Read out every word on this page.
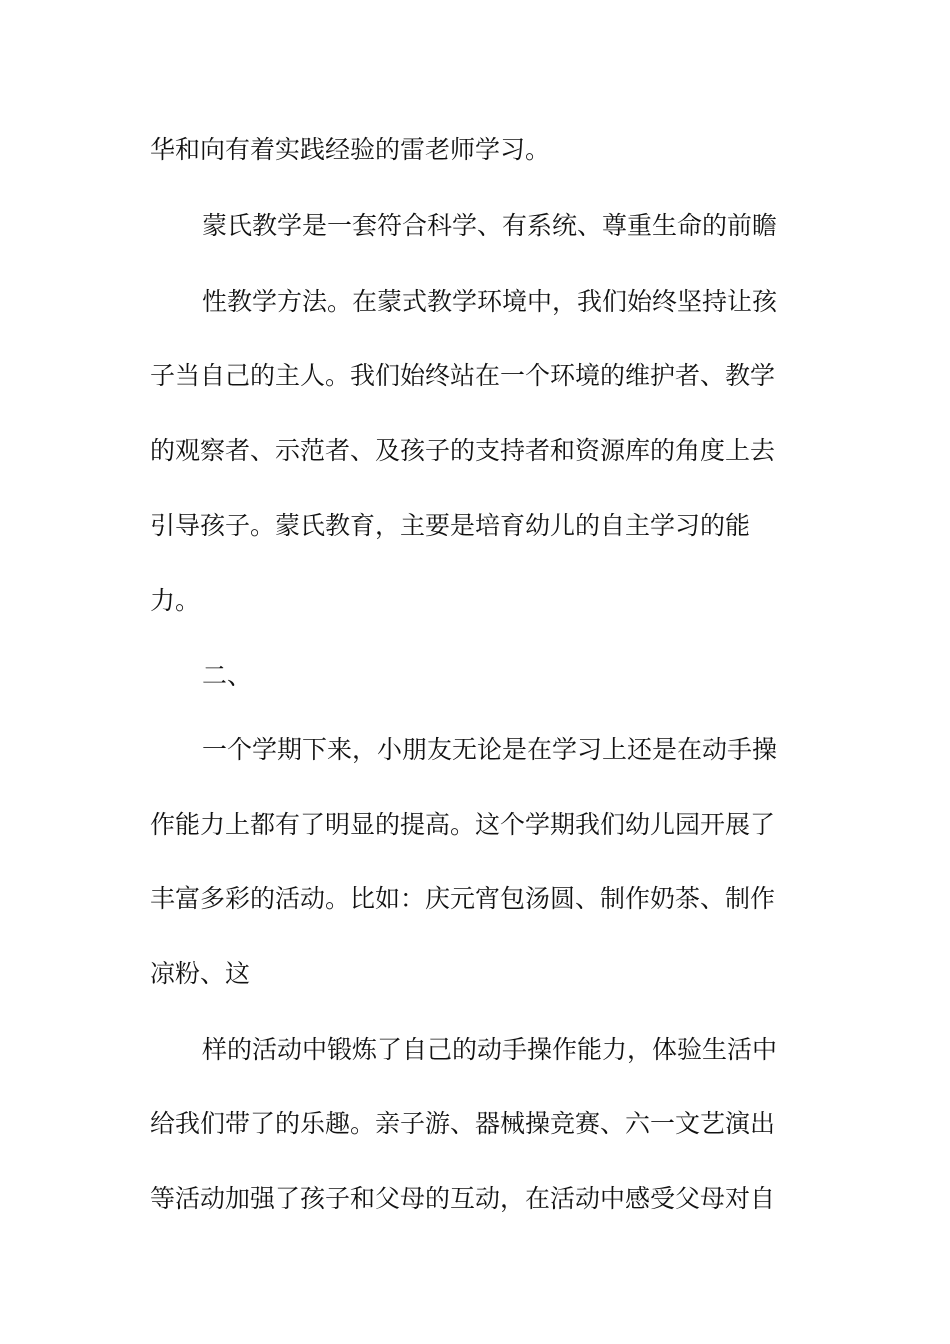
华和向有着实践经验的雷老师学习。
蒙氏教学是一套符合科学、有系统、尊重生命的前瞻
性教学方法。在蒙式教学环境中，我们始终坚持让孩
子当自己的主人。我们始终站在一个环境的维护者、教学
的观察者、示范者、及孩子的支持者和资源库的角度上去
引导孩子。蒙氏教育，主要是培育幼儿的自主学习的能
力。
二、
一个学期下来，小朋友无论是在学习上还是在动手操
作能力上都有了明显的提高。这个学期我们幼儿园开展了
丰富多彩的活动。比如：庆元宵包汤圆、制作奶茶、制作
凉粉、这
样的活动中锻炼了自己的动手操作能力，体验生活中
给我们带了的乐趣。亲子游、器械操竞赛、六一文艺演出
等活动加强了孩子和父母的互动，在活动中感受父母对自
